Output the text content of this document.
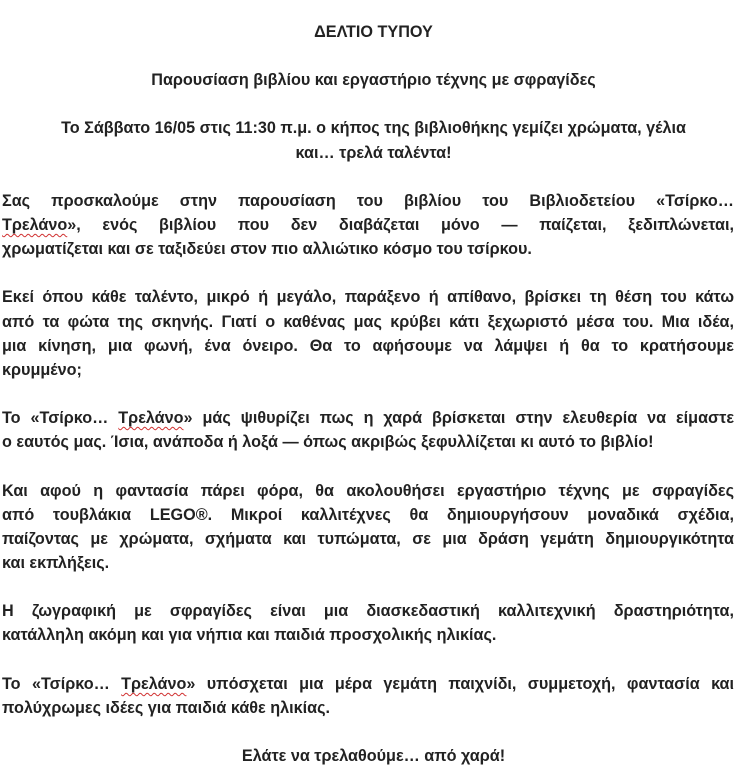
ΔΕΛΤΙΟ ΤΥΠΟΥ
Παρουσίαση βιβλίου και εργαστήριο τέχνης με σφραγίδες
Το Σάββατο 16/05 στις 11:30 π.μ. ο κήπος της βιβλιοθήκης γεμίζει χρώματα, γέλια
και… τρελά ταλέντα!
Σας προσκαλούμε στην παρουσίαση του βιβλίου του Βιβλιοδετείου «Τσίρκο…
Τρελάνο», ενός βιβλίου που δεν διαβάζεται μόνο — παίζεται, ξεδιπλώνεται,
χρωματίζεται και σε ταξιδεύει στον πιο αλλιώτικο κόσμο του τσίρκου.
Εκεί όπου κάθε ταλέντο, μικρό ή μεγάλο, παράξενο ή απίθανο, βρίσκει τη θέση του κάτω
από τα φώτα της σκηνής. Γιατί ο καθένας μας κρύβει κάτι ξεχωριστό μέσα του. Μια ιδέα,
μια κίνηση, μια φωνή, ένα όνειρο. Θα το αφήσουμε να λάμψει ή θα το κρατήσουμε
κρυμμένο;
Το «Τσίρκο… Τρελάνο» μάς ψιθυρίζει πως η χαρά βρίσκεται στην ελευθερία να είμαστε
ο εαυτός μας. Ίσια, ανάποδα ή λοξά — όπως ακριβώς ξεφυλλίζεται κι αυτό το βιβλίο!
Και αφού η φαντασία πάρει φόρα, θα ακολουθήσει εργαστήριο τέχνης με σφραγίδες
από τουβλάκια LEGO®. Μικροί καλλιτέχνες θα δημιουργήσουν μοναδικά σχέδια,
παίζοντας με χρώματα, σχήματα και τυπώματα, σε μια δράση γεμάτη δημιουργικότητα
και εκπλήξεις.
Η ζωγραφική με σφραγίδες είναι μια διασκεδαστική καλλιτεχνική δραστηριότητα,
κατάλληλη ακόμη και για νήπια και παιδιά προσχολικής ηλικίας.
Το «Τσίρκο… Τρελάνο» υπόσχεται μια μέρα γεμάτη παιχνίδι, συμμετοχή, φαντασία και
πολύχρωμες ιδέες για παιδιά κάθε ηλικίας.
Ελάτε να τρελαθούμε… από χαρά!
